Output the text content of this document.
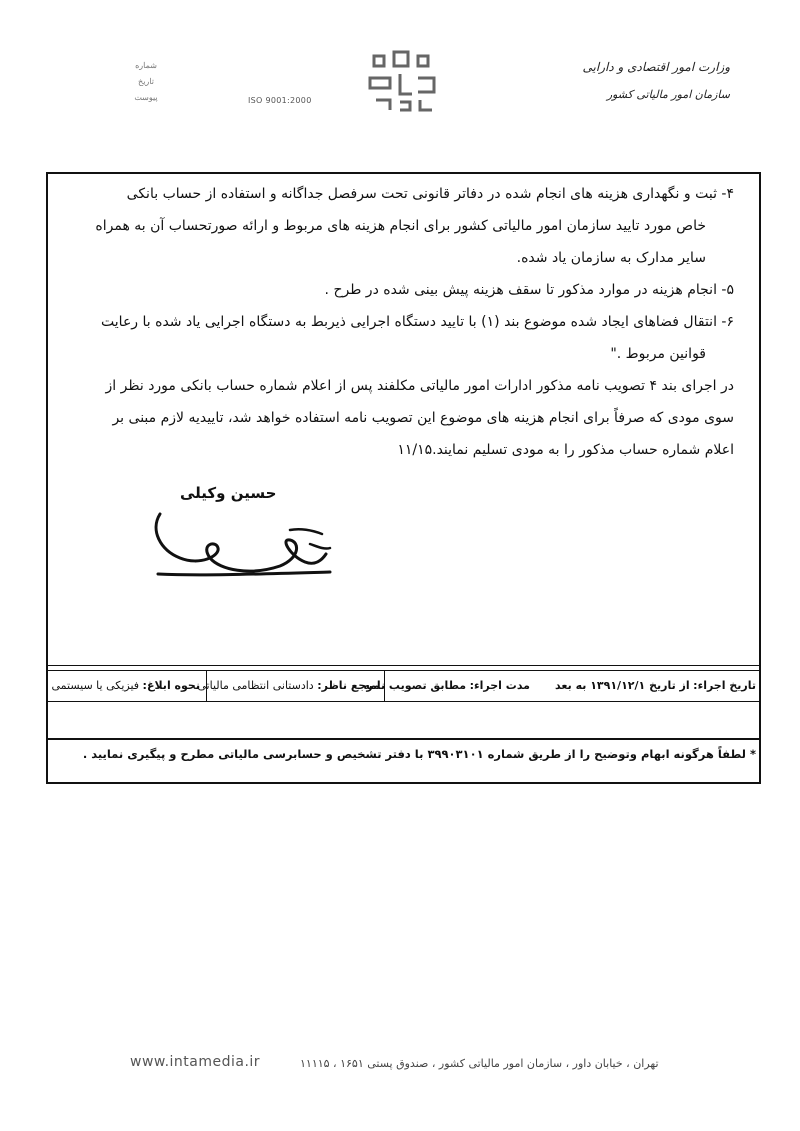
وزارت امور اقتصادی و دارایی
سازمان امور مالیاتی کشور
ISO 9001:2000
شماره
تاریخ
پیوست

۴- ثبت و نگهداری هزینه های انجام شده در دفاتر قانونی تحت سرفصل جداگانه و استفاده از حساب بانکی

خاص مورد تایید سازمان امور مالیاتی کشور برای انجام هزینه های مربوط و ارائه صورتحساب آن به همراه

سایر مدارک به سازمان یاد شده.

۵- انجام هزینه در موارد مذکور تا سقف هزینه پیش بینی شده در طرح .

۶- انتقال فضاهای ایجاد شده موضوع بند (۱) با تایید دستگاه اجرایی ذیربط به دستگاه اجرایی یاد شده با رعایت

قوانین مربوط ."

در اجرای بند ۴ تصویب نامه مذکور ادارات امور مالیاتی مکلفند پس از اعلام شماره حساب بانکی مورد نظر از

سوی مودی که صرفاً برای انجام هزینه های موضوع این تصویب نامه استفاده خواهد شد، تاییدیه لازم مبنی بر

اعلام شماره حساب مذکور را به مودی تسلیم نمایند.۱۱/۱۵

حسین وکیلی
تاریخ اجراء: از تاریخ ۱۳۹۱/۱۲/۱ به بعد
مدت اجراء: مطابق تصویب نامه
مرجع ناظر: دادستانی انتظامی مالیاتی
نحوه ابلاغ: فیزیکی یا سیستمی
* لطفاً هرگونه ابهام وتوضیح را از طریق شماره ۳۹۹۰۳۱۰۱ با دفتر تشخیص و حسابرسی مالیاتی مطرح و پیگیری نمایید .
تهران ، خیابان داور ، سازمان امور مالیاتی کشور ، صندوق پستی ۱۶۵۱ ، ۱۱۱۱۵
www.intamedia.ir
